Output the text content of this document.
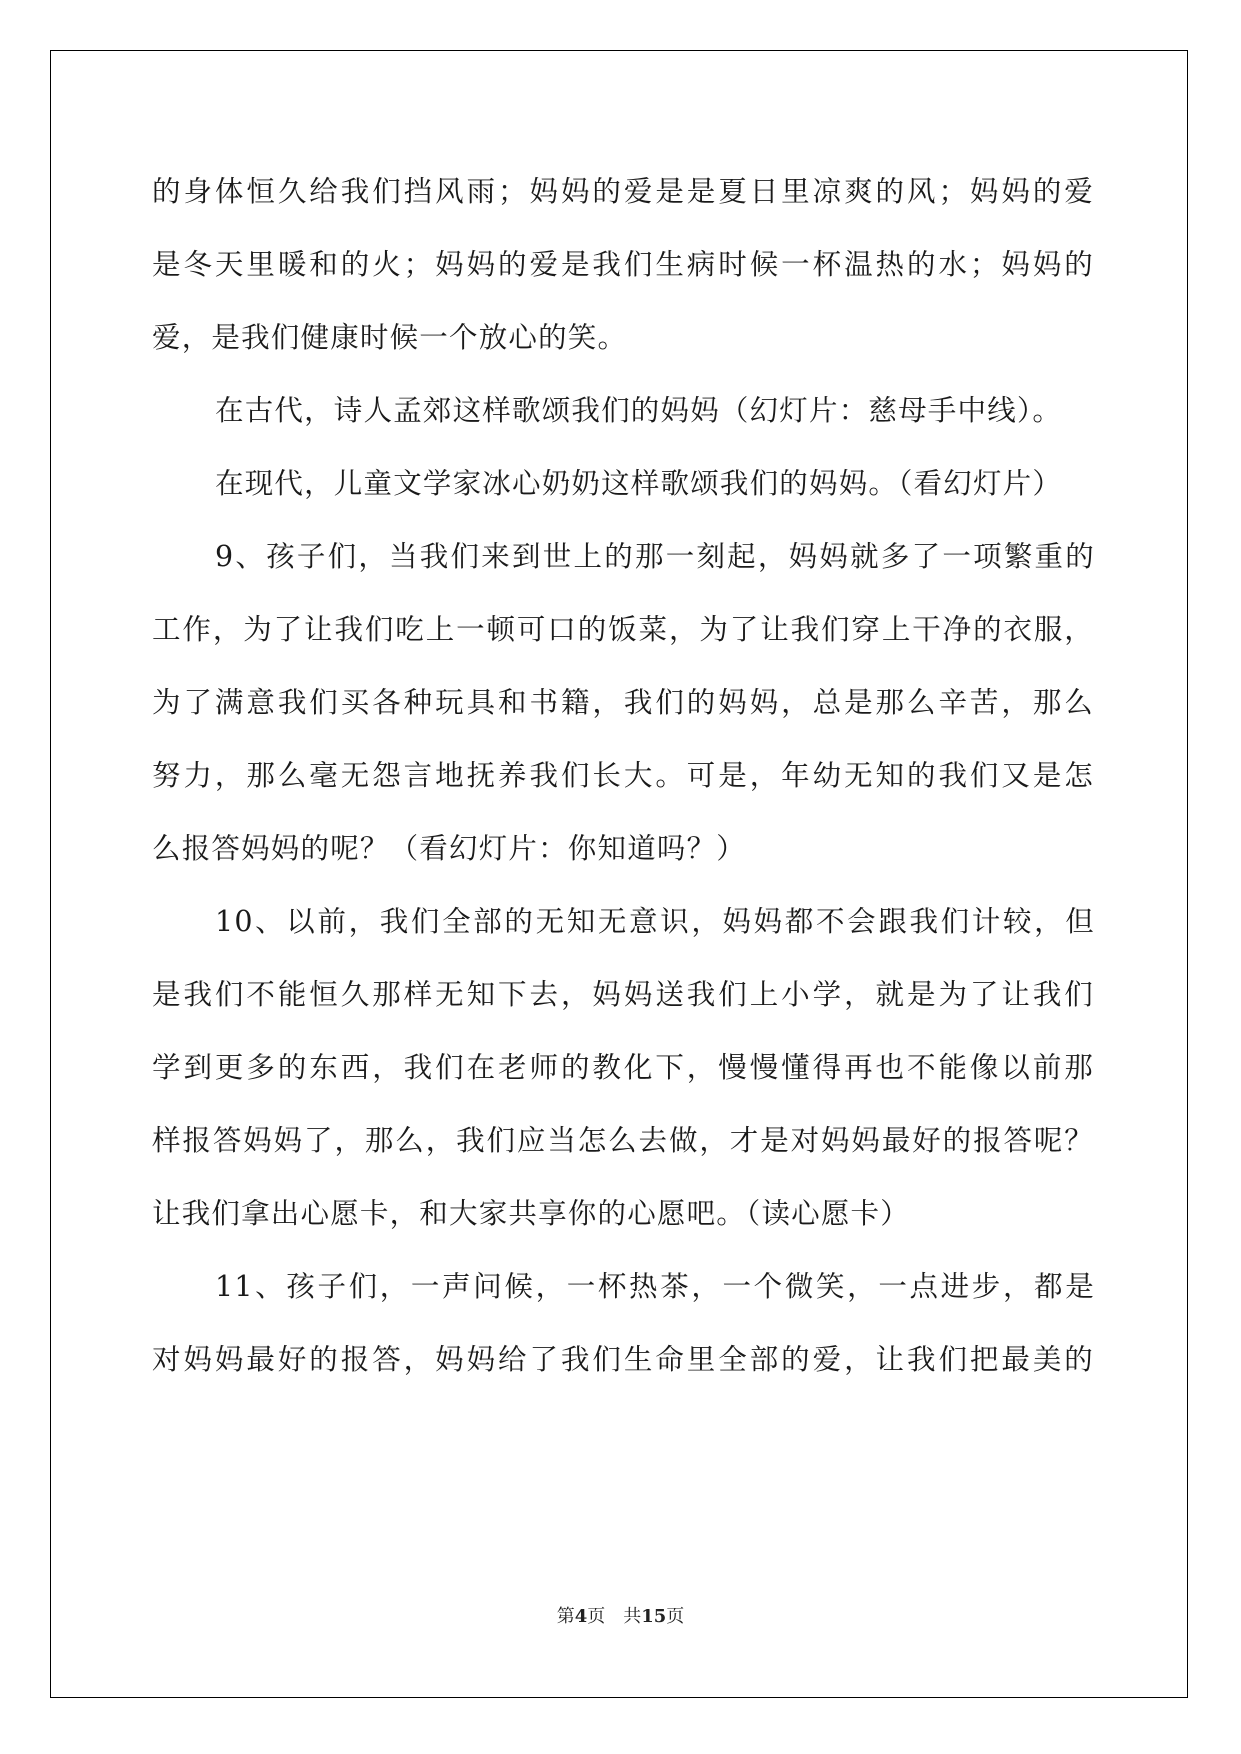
的身体恒久给我们挡风雨；妈妈的爱是是夏日里凉爽的风；妈妈的爱
是冬天里暖和的火；妈妈的爱是我们生病时候一杯温热的水；妈妈的
爱，是我们健康时候一个放心的笑。
在古代，诗人孟郊这样歌颂我们的妈妈（幻灯片：慈母手中线）。
在现代，儿童文学家冰心奶奶这样歌颂我们的妈妈。（看幻灯片）
9、孩子们，当我们来到世上的那一刻起，妈妈就多了一项繁重的
工作，为了让我们吃上一顿可口的饭菜，为了让我们穿上干净的衣服，
为了满意我们买各种玩具和书籍，我们的妈妈，总是那么辛苦，那么
努力，那么毫无怨言地抚养我们长大。可是，年幼无知的我们又是怎
么报答妈妈的呢？（看幻灯片：你知道吗？）
10、以前，我们全部的无知无意识，妈妈都不会跟我们计较，但
是我们不能恒久那样无知下去，妈妈送我们上小学，就是为了让我们
学到更多的东西，我们在老师的教化下，慢慢懂得再也不能像以前那
样报答妈妈了，那么，我们应当怎么去做，才是对妈妈最好的报答呢？
让我们拿出心愿卡，和大家共享你的心愿吧。（读心愿卡）
11、孩子们，一声问候，一杯热茶，一个微笑，一点进步，都是
对妈妈最好的报答，妈妈给了我们生命里全部的爱，让我们把最美的
第4页　共15页
